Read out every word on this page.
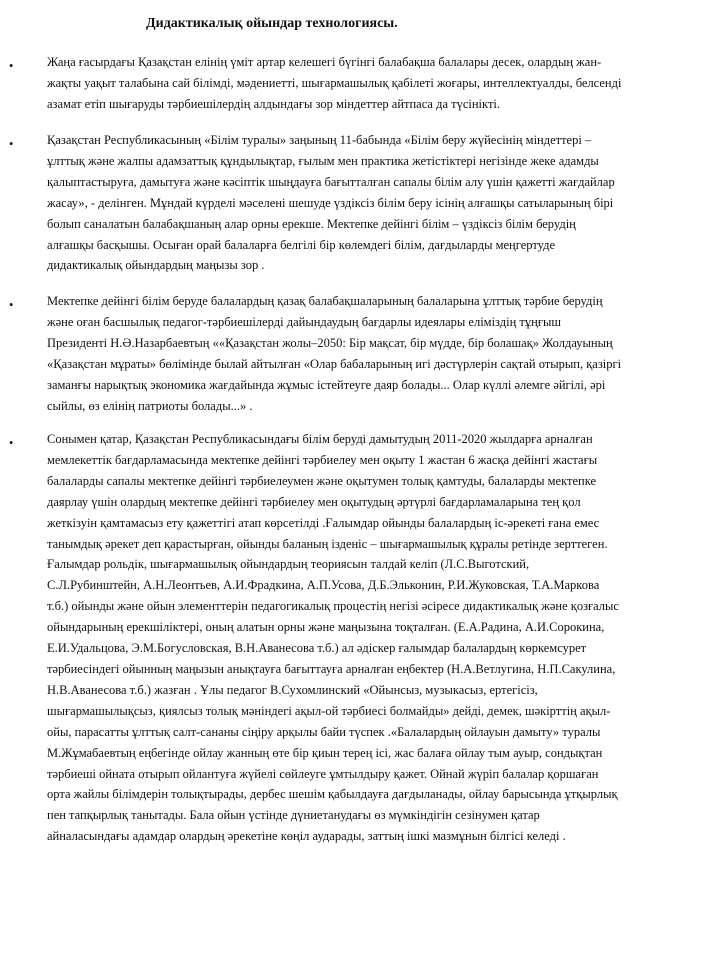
Дидактикалық ойындар технологиясы.
•	Жаңа ғасырдағы Қазақстан елінің үміт артар келешегі бүгінгі балабақша балалары десек, олардың жан-
жақты уақыт талабына сай білімді, мәдениетті, шығармашылық қабілеті жоғары, интеллектуалды, белсенді
азамат етіп шығаруды тәрбиешілердің алдындағы зор міндеттер айтпаса да түсінікті.
•	Қазақстан Республикасының «Білім туралы» заңының 11-бабында «Білім беру жүйесінің міндеттері –
ұлттық және жалпы адамзаттық құндылықтар, ғылым мен практика жетістіктері негізінде жеке адамды
қалыптастыруға, дамытуға және кәсіптік шыңдауға бағытталған сапалы білім алу үшін қажетті жағдайлар
жасау», - делінген. Мұндай күрделі мәселені шешуде үздіксіз білім беру ісінің алғашқы сатыларының бірі
болып саналатын балабақшаның алар орны ерекше. Мектепке дейінгі білім – үздіксіз білім берудің
алғашқы басқышы. Осыған орай балаларға белгілі бір көлемдегі білім, дағдыларды меңгертуде
дидактикалық ойындардың маңызы зор .
•	Мектепке дейінгі білім беруде балалардың қазақ балабақшаларының балаларына ұлттық тәрбие берудің
және оған басшылық педагог-тәрбиешілерді дайындаудың бағдарлы идеялары еліміздің тұңғыш
Президенті Н.Ә.Назарбаевтың ««Қазақстан жолы–2050: Бір мақсат, бір мүдде, бір болашақ» Жолдауының
«Қазақстан мұраты» бөлімінде былай айтылған «Олар бабаларының игі дәстүрлерін сақтай отырып, қазіргі
заманғы нарықтық экономика жағдайында жұмыс істейтеуге даяр болады... Олар күллі әлемге әйгілі, әрі
сыйлы, өз елінің патриоты болады...» .
•	Сонымен қатар, Қазақстан Республикасындағы білім беруді дамытудың 2011-2020 жылдарға арналған
мемлекеттік бағдарламасында мектепке дейінгі тәрбиелеу мен оқыту 1 жастан 6 жасқа дейінгі жастағы
балаларды сапалы мектепке дейінгі тәрбиелеумен және оқытумен толық қамтуды, балаларды мектепке
даярлау үшін олардың мектепке дейінгі тәрбиелеу мен оқытудың әртүрлі бағдарламаларына тең қол
жеткізуін қамтамасыз ету қажеттігі атап көрсетілді .Ғалымдар ойынды балалардың іс-әрекеті ғана емес
танымдық әрекет деп қарастырған, ойынды баланың ізденіс – шығармашылық құралы ретінде зерттеген.
Ғалымдар рольдік, шығармашылық ойындардың теориясын талдай келіп (Л.С.Выготский,
С.Л.Рубинштейн, А.Н.Леонтьев, А.И.Фрадкина, А.П.Усова, Д.Б.Эльконин, Р.И.Жуковская, Т.А.Маркова
т.б.) ойынды және ойын элементтерін педагогикалық процестің негізі әсіресе дидактикалық және қозғалыс
ойындарының ерекшіліктері, оның алатын орны және маңызына тоқталған. (Е.А.Радина, А.И.Сорокина,
Е.И.Удальцова, Э.М.Богусловская, В.Н.Аванесова т.б.) ал әдіскер ғалымдар балалардың көркемсурет
тәрбиесіндегі ойынның маңызын анықтауға бағыттауға арналған еңбектер (Н.А.Ветлугина, Н.П.Сакулина,
Н.В.Аванесова т.б.) жазған . Ұлы педагог В.Сухомлинский «Ойынсыз, музыкасыз, ертегісіз,
шығармашылықсыз, қиялсыз толық мәніндегі ақыл-ой тәрбиесі болмайды» дейді, демек, шәкірттің ақыл-
ойы, парасатты ұлттық салт-сананы сіңіру арқылы байи түспек .«Балалардың ойлауын дамыту» туралы
М.Жұмабаевтың еңбегінде ойлау жанның өте бір қиын терең ісі, жас балаға ойлау тым ауыр, сондықтан
тәрбиеші ойната отырып ойлантуға жүйелі сөйлеуге ұмтылдыру қажет. Ойнай жүріп балалар қоршаған
орта жайлы білімдерін толықтырады, дербес шешім қабылдауға дағдыланады, ойлау барысында ұтқырлық
пен тапқырлық танытады. Бала ойын үстінде дүниетанудағы өз мүмкіндігін сезінумен қатар
айналасындағы адамдар олардың әрекетіне көңіл аударады, заттың ішкі мазмұнын білгісі келеді .
